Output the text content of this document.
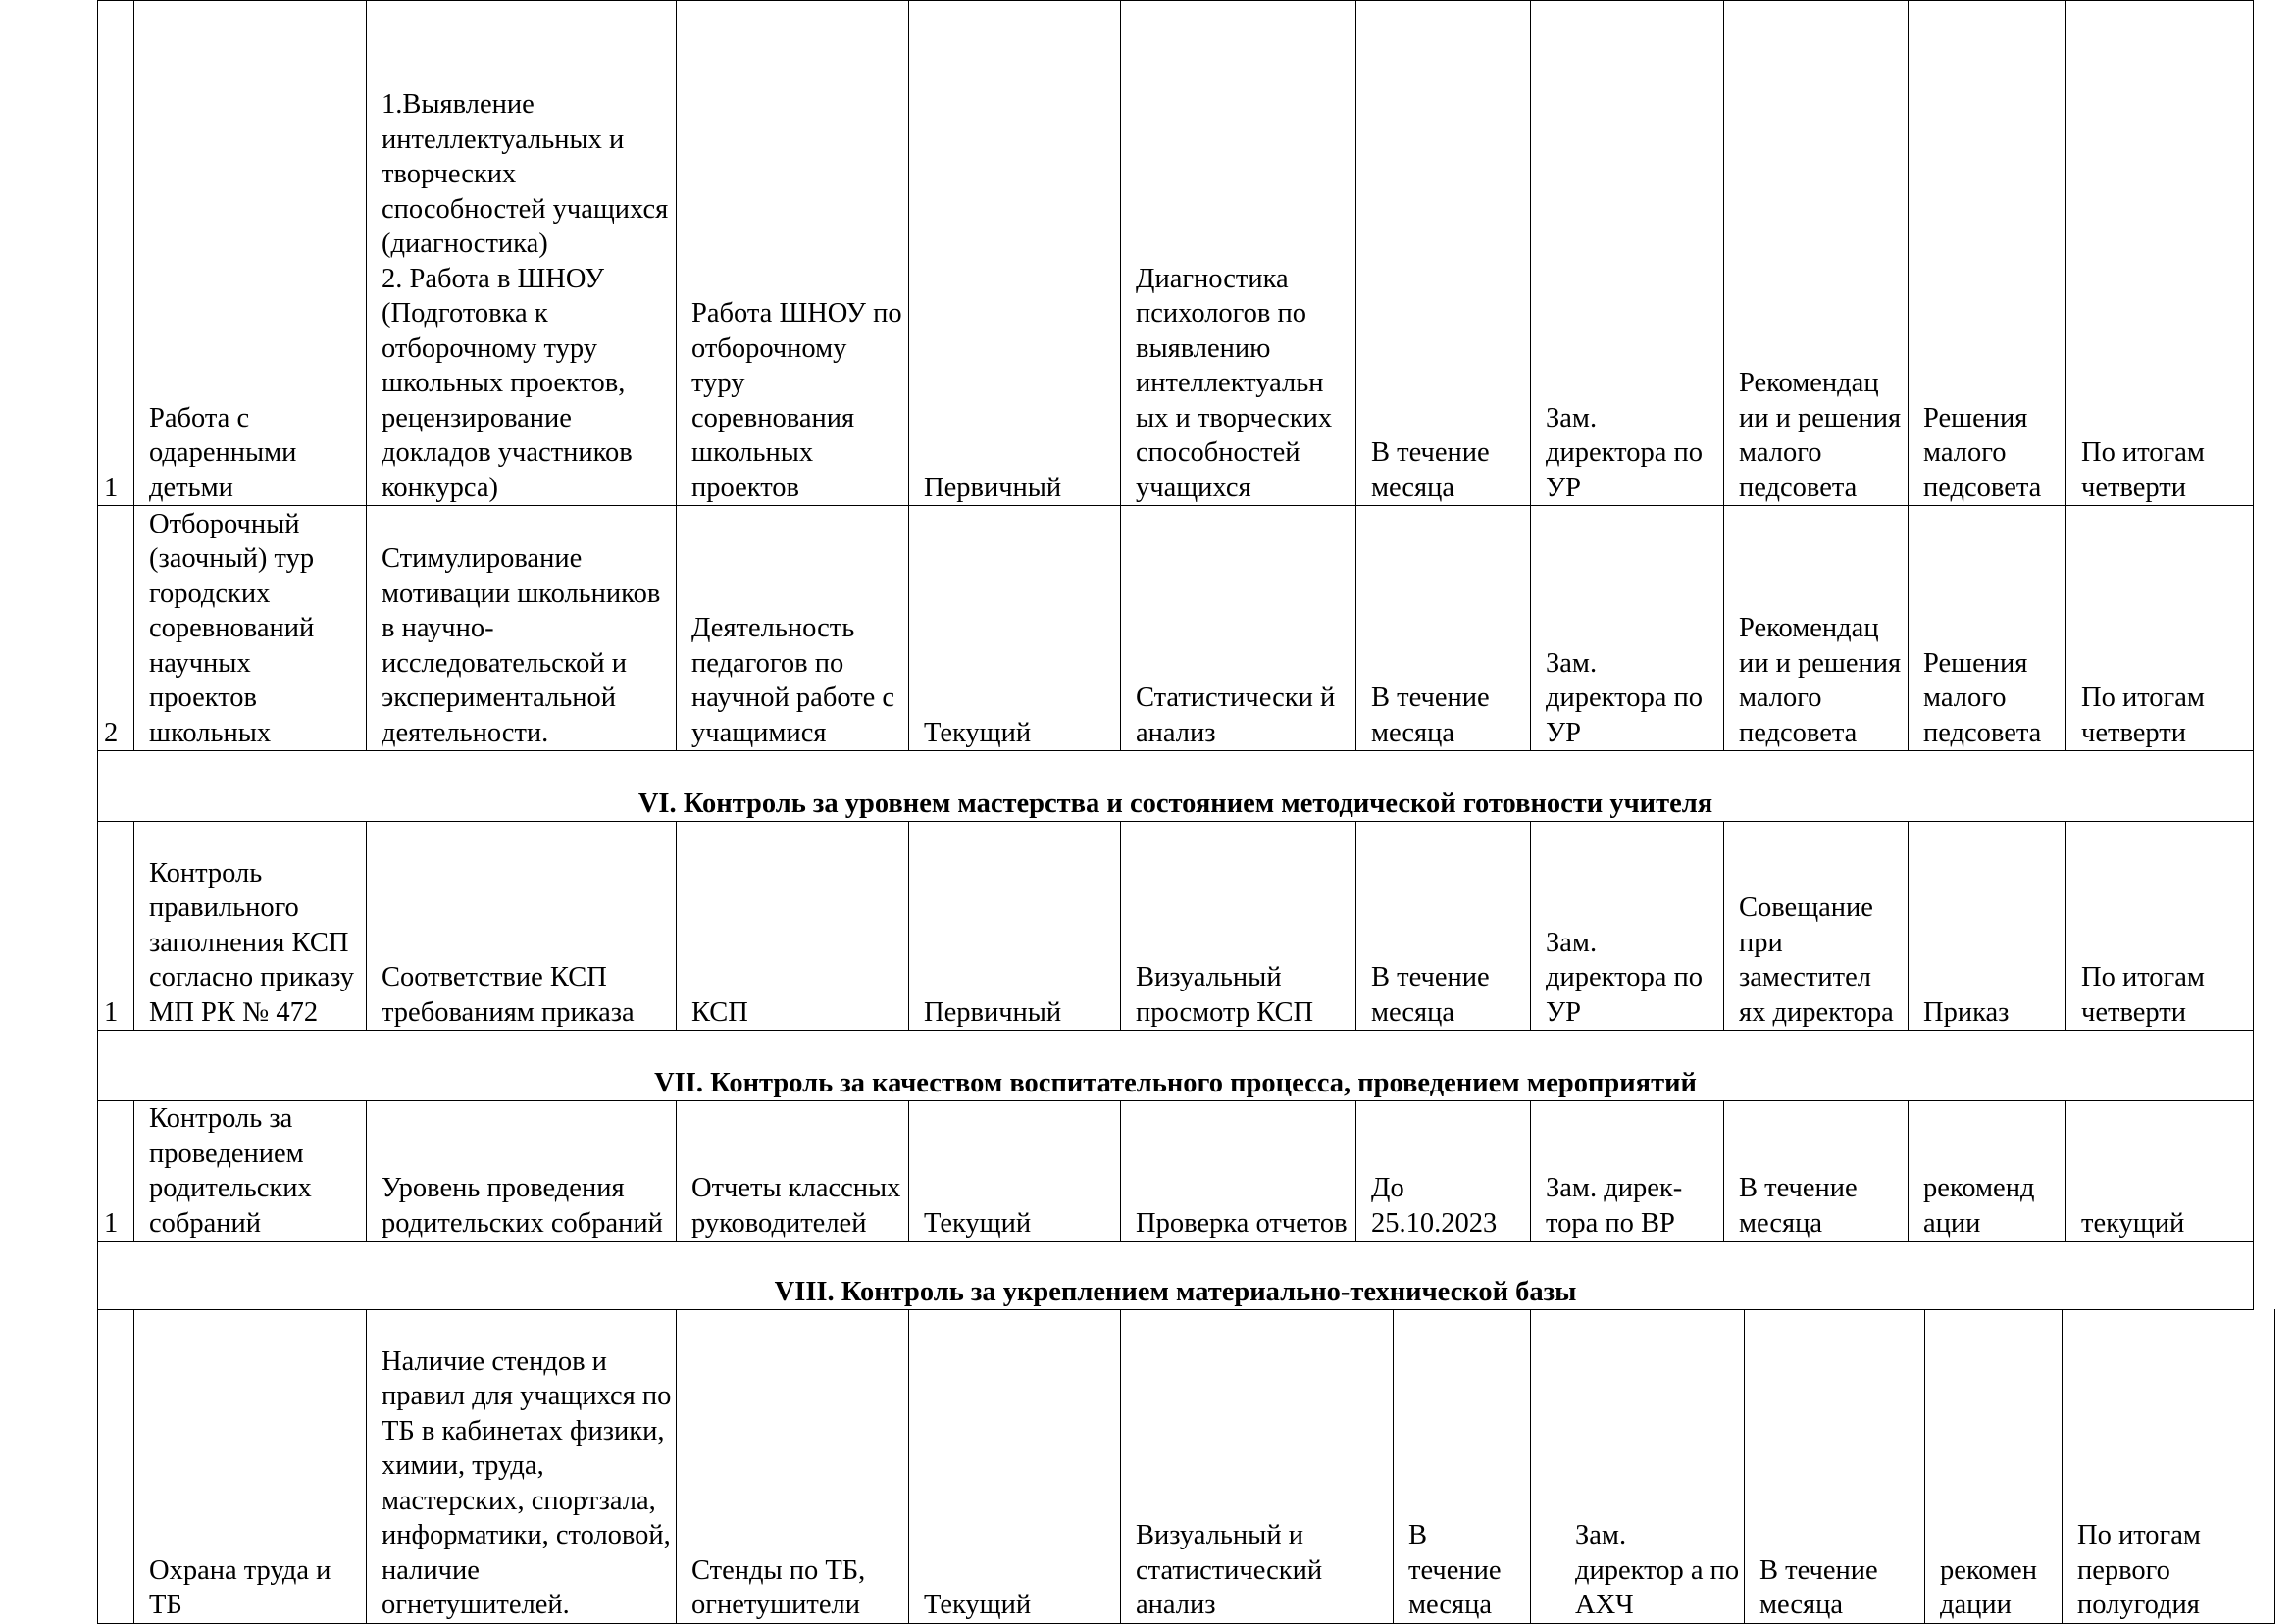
1	Работа с одаренными детьми	1.Выявление интеллектуальных и творческих способностей учащихся (диагностика)
2. Работа в ШНОУ (Подготовка к отборочному туру школьных проектов, рецензирование докладов участников конкурса)	Работа ШНОУ по отборочному туру соревнования школьных проектов	Первичный	Диагностика психологов по выявлению интеллектуальн ых и творческих способностей учащихся	В течение месяца	Зам. директора по УР	Рекомендац ии и решения малого педсовета	Решения малого педсовета	По итогам четверти
2	Отборочный (заочный) тур городских соревнований научных проектов школьных	Стимулирование мотивации школьников в научно-исследовательской и экспериментальной деятельности.	Деятельность педагогов по научной работе с учащимися	Текущий	Статистически й анализ	В течение месяца	Зам. директора по УР	Рекомендац ии и решения малого педсовета	Решения малого педсовета	По итогам четверти
VI. Контроль за уровнем мастерства и состоянием методической готовности учителя										
1	Контроль правильного заполнения КСП согласно приказу МП РК № 472	Соответствие КСП требованиям приказа	КСП	Первичный	Визуальный просмотр КСП	В течение месяца	Зам. директора по УР	Совещание при заместител ях директора	Приказ	По итогам четверти
VII. Контроль за качеством воспитательного процесса, проведением мероприятий										
1	Контроль за проведением родительских собраний	Уровень проведения родительских собраний	Отчеты классных руководителей	Текущий	Проверка отчетов	До 25.10.2023	Зам. дирек-тора по ВР	В течение месяца	рекоменд ации	текущий
VIII. Контроль за укреплением материально-технической базы										
	Охрана труда и ТБ	Наличие стендов и правил для учащихся по ТБ в кабинетах физики, химии, труда, мастерских, спортзала, информатики, столовой, наличие огнетушителей.	Стенды по ТБ, огнетушители	Текущий	Визуальный и статистический анализ	В течение месяца	Зам. директор а по АХЧ	В течение месяца	рекомен дации	По итогам первого полугодия
